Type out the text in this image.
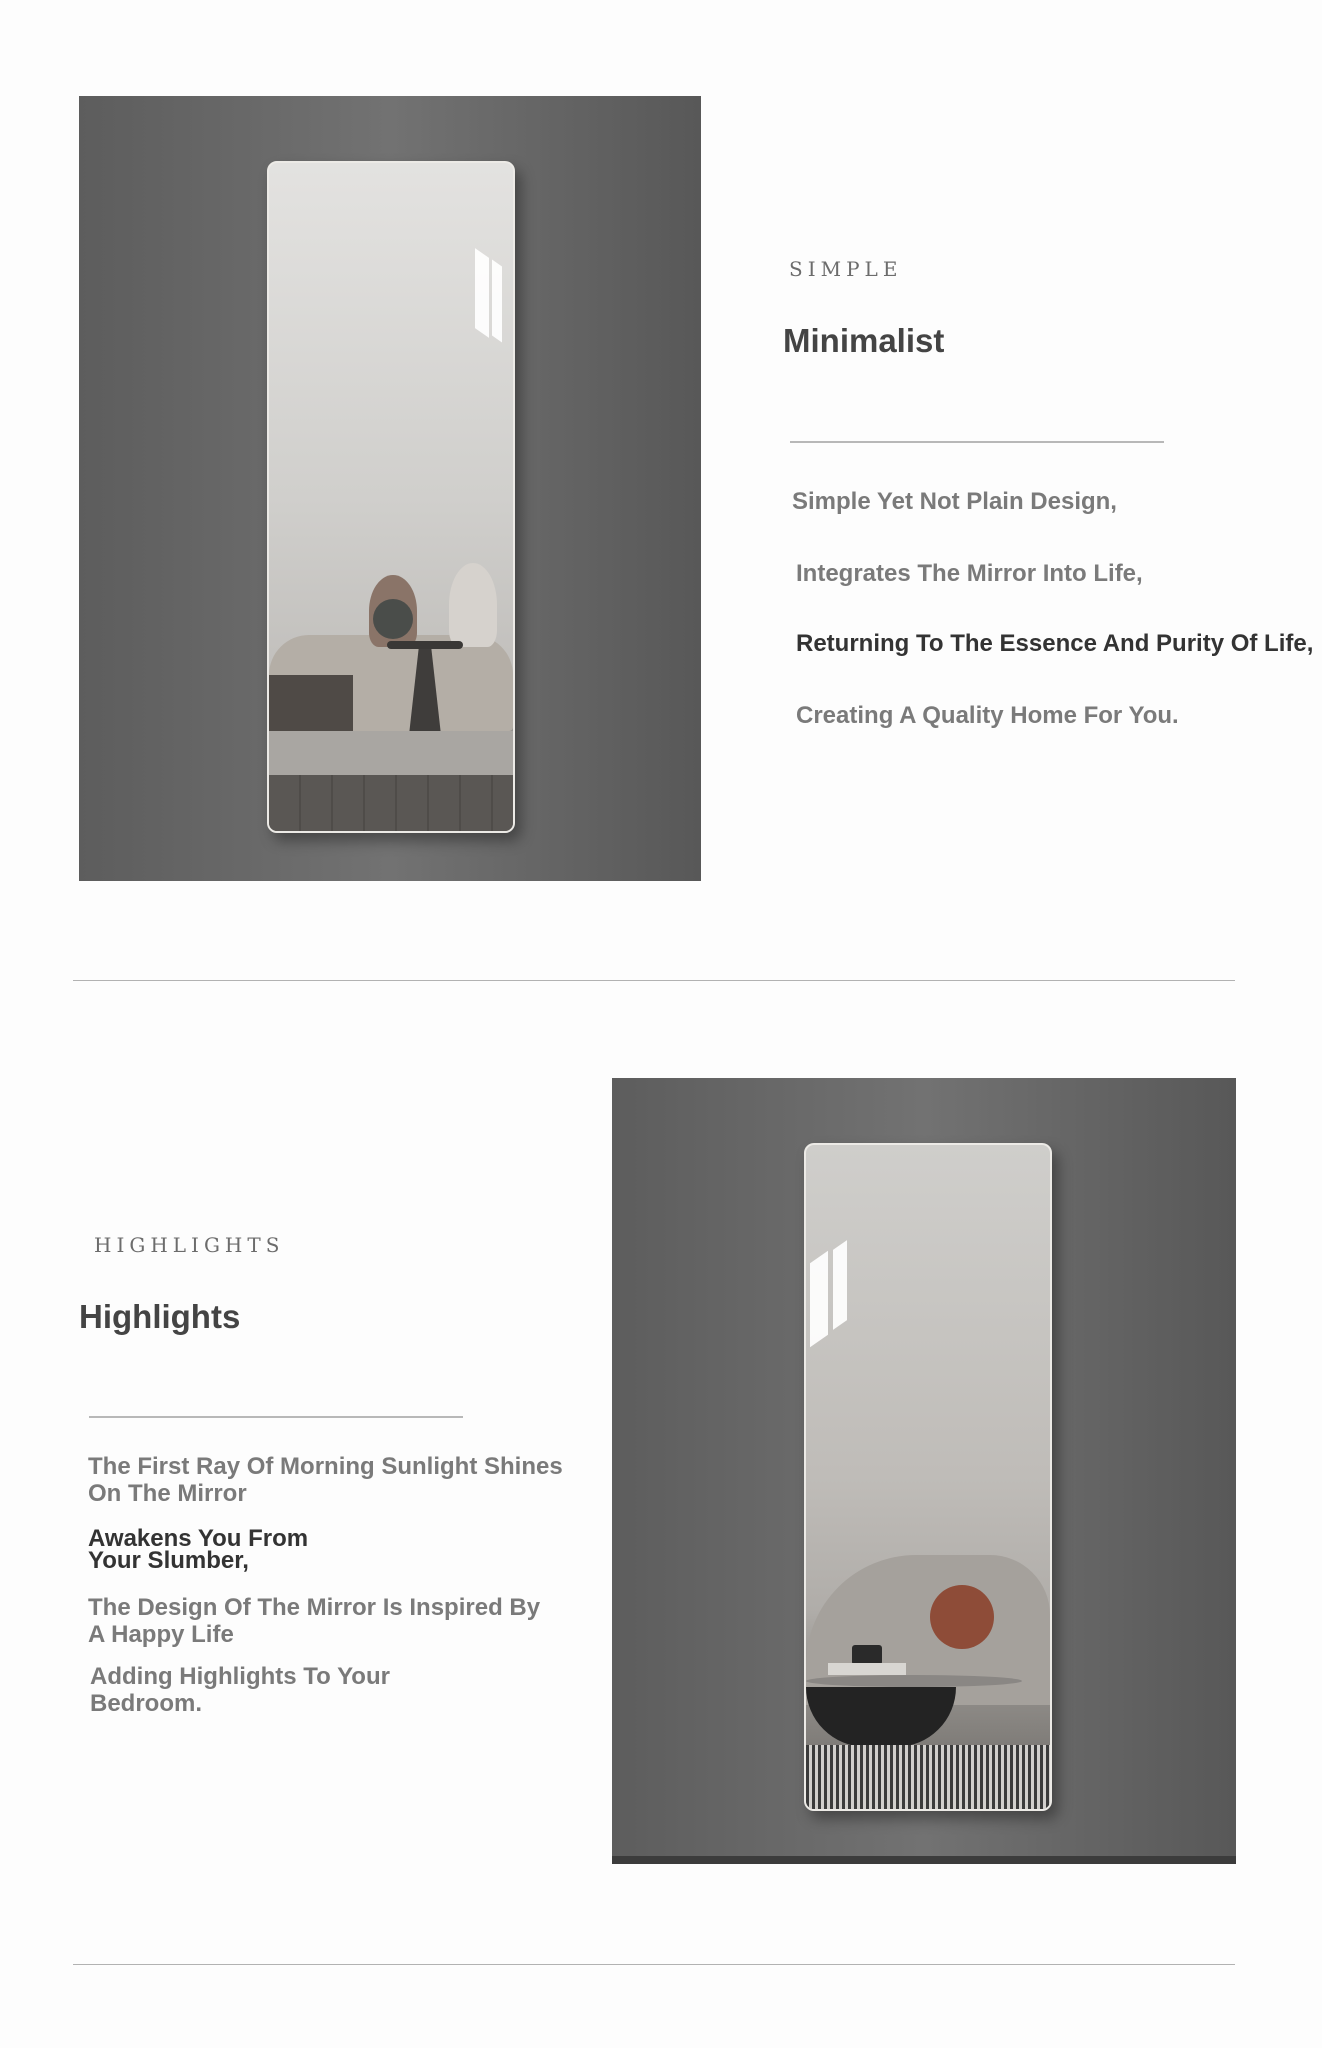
SIMPLE
Minimalist
Simple Yet Not Plain Design,
Integrates The Mirror Into Life,
Returning To The Essence And Purity Of Life,
Creating A Quality Home For You.
HIGHLIGHTS
Highlights
The First Ray Of Morning Sunlight Shines
On The Mirror
Awakens You From
Your Slumber,
The Design Of The Mirror Is Inspired By
A Happy Life
Adding Highlights To Your
Bedroom.
